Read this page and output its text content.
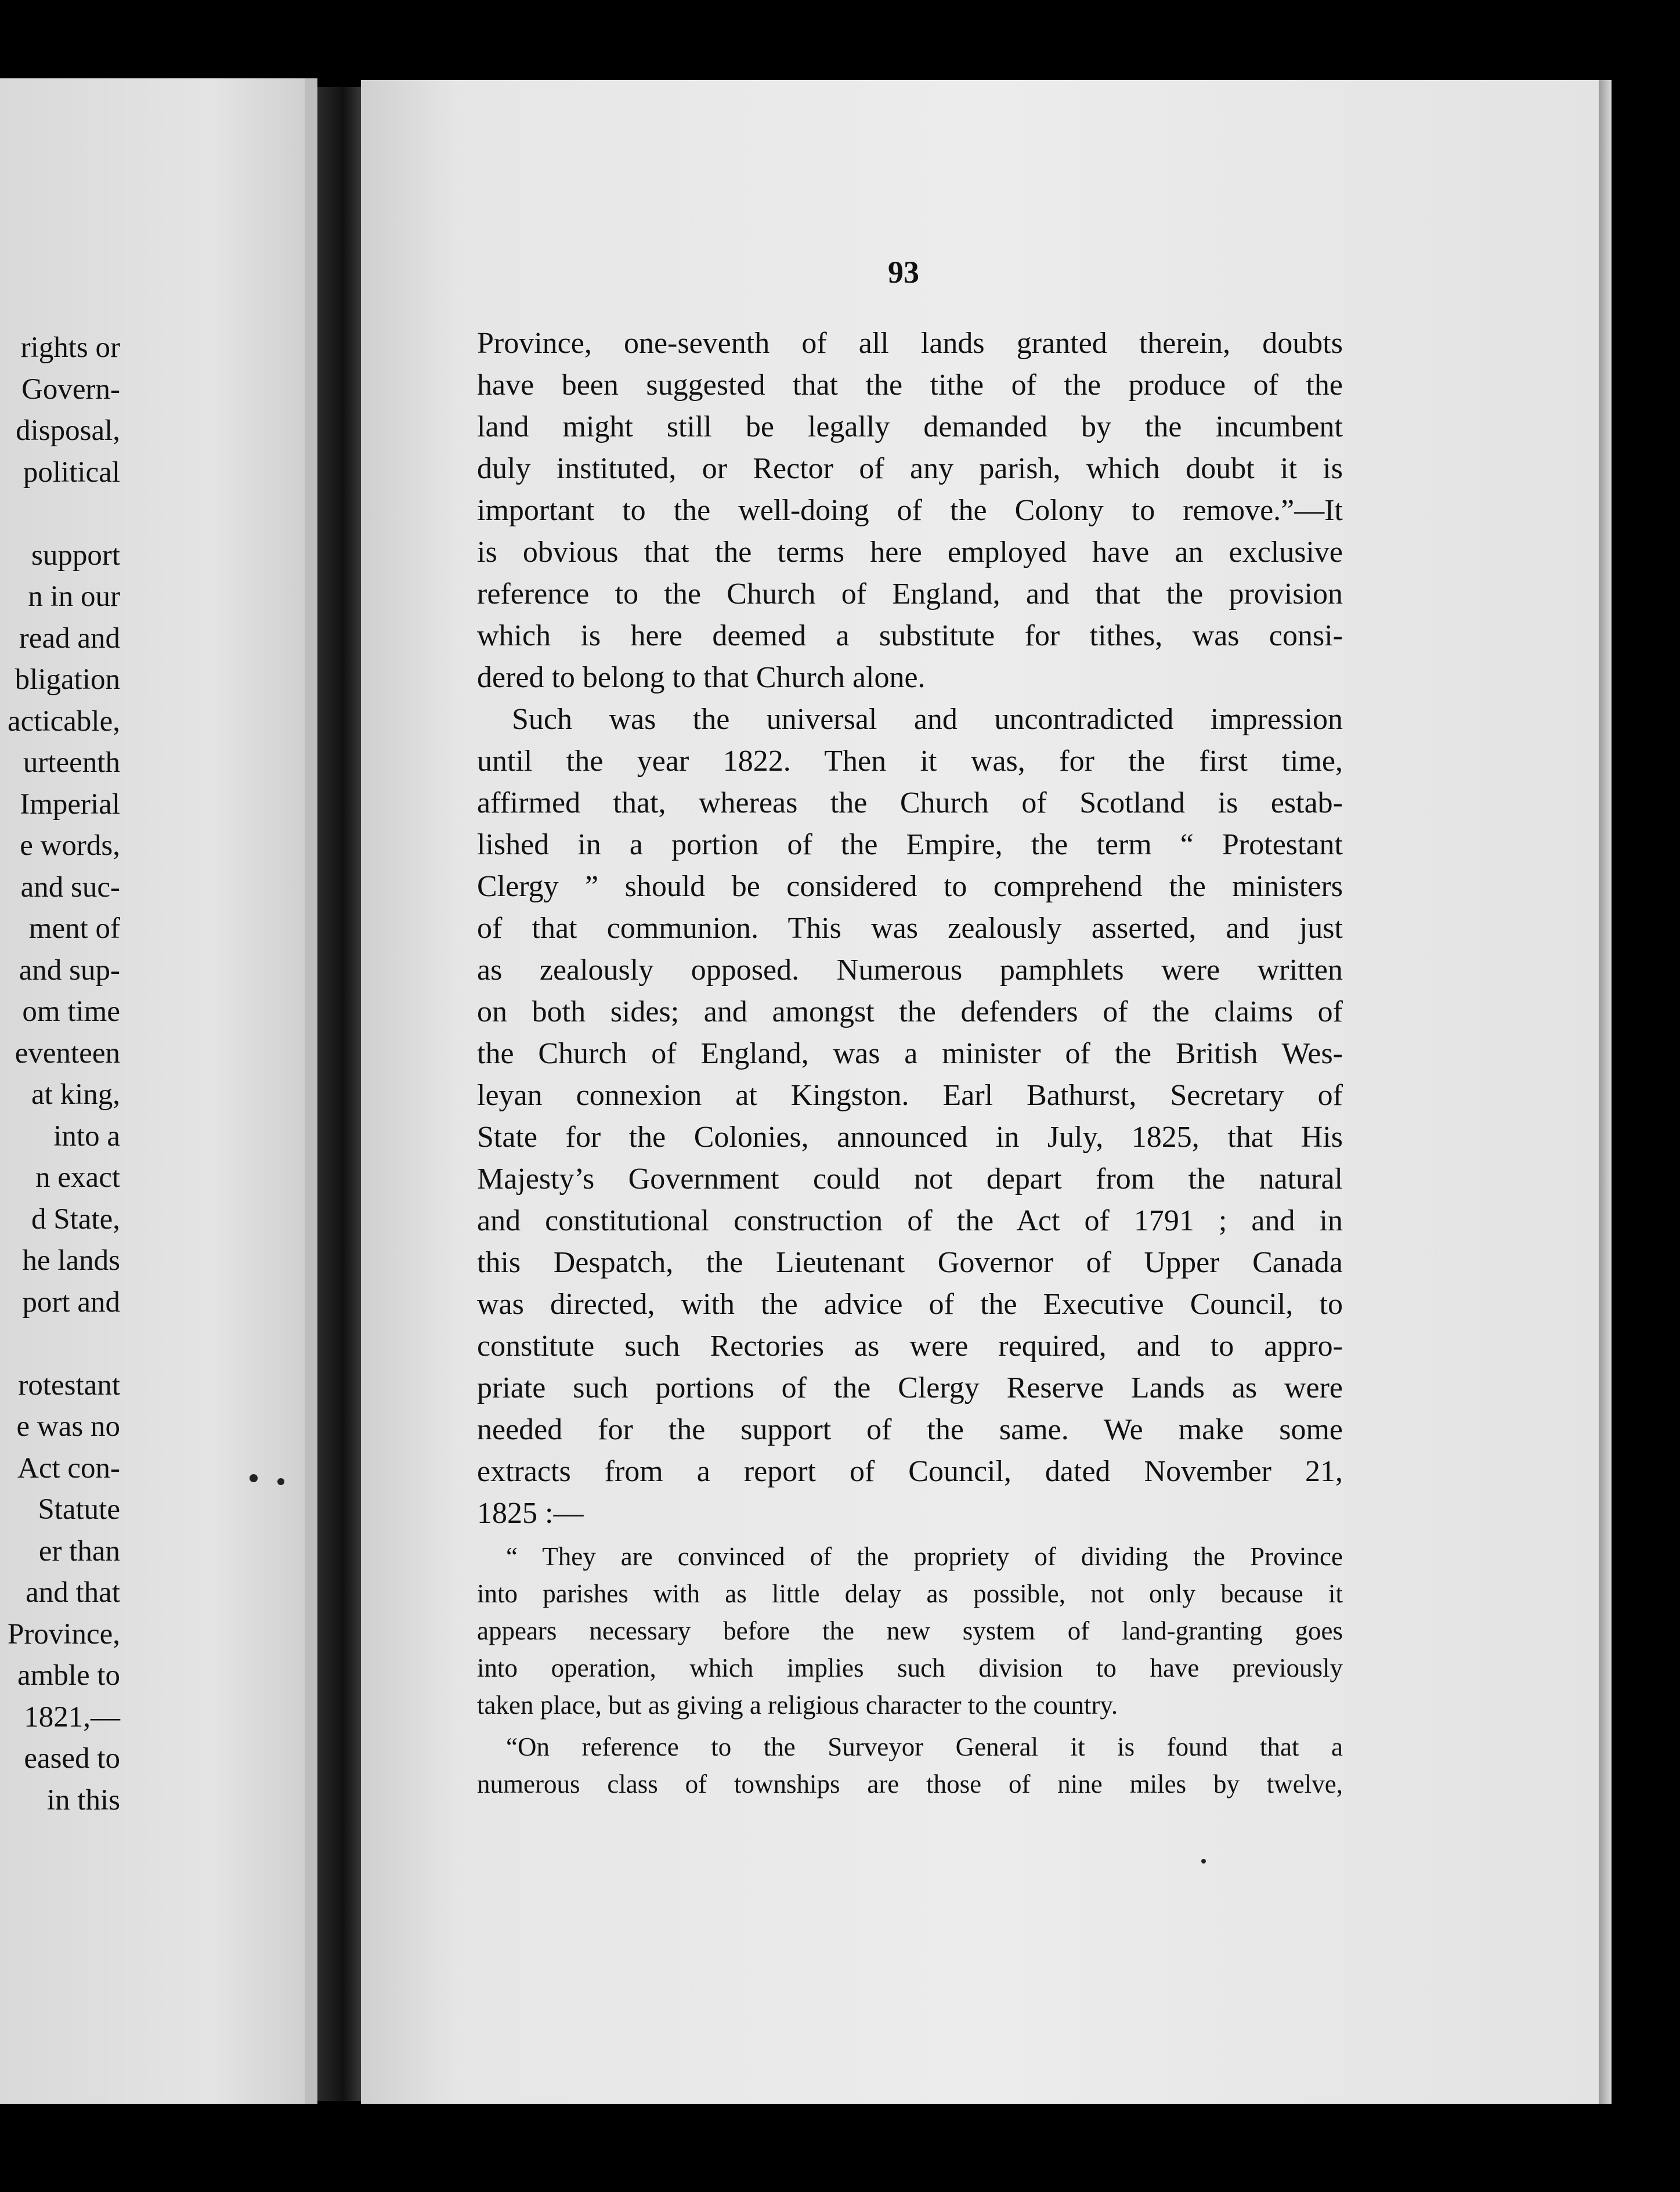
rights or
Govern-
disposal,
political
support
n in our
read and
bligation
acticable,
urteenth
Imperial
e words,
and suc-
ment of
and sup-
om time
eventeen
at king,
into a
n exact
d State,
he lands
port and
rotestant
e was no
Act con-
Statute
er than
and that
Province,
amble to
1821,—
eased to
in this
93
Province, one-seventh of all lands granted therein, doubts
have been suggested that the tithe of the produce of the
land might still be legally demanded by the incumbent
duly instituted, or Rector of any parish, which doubt it is
important to the well-doing of the Colony to remove.”—It
is obvious that the terms here employed have an exclusive
reference to the Church of England, and that the provision
which is here deemed a substitute for tithes, was consi-
dered to belong to that Church alone.
Such was the universal and uncontradicted impression
until the year 1822. Then it was, for the first time,
affirmed that, whereas the Church of Scotland is estab-
lished in a portion of the Empire, the term “ Protestant
Clergy ” should be considered to comprehend the ministers
of that communion. This was zealously asserted, and just
as zealously opposed. Numerous pamphlets were written
on both sides; and amongst the defenders of the claims of
the Church of England, was a minister of the British Wes-
leyan connexion at Kingston. Earl Bathurst, Secretary of
State for the Colonies, announced in July, 1825, that His
Majesty’s Government could not depart from the natural
and constitutional construction of the Act of 1791 ; and in
this Despatch, the Lieutenant Governor of Upper Canada
was directed, with the advice of the Executive Council, to
constitute such Rectories as were required, and to appro-
priate such portions of the Clergy Reserve Lands as were
needed for the support of the same. We make some
extracts from a report of Council, dated November 21,
1825 :—
“ They are convinced of the propriety of dividing the Province
into parishes with as little delay as possible, not only because it
appears necessary before the new system of land-granting goes
into operation, which implies such division to have previously
taken place, but as giving a religious character to the country.
“On reference to the Surveyor General it is found that a
numerous class of townships are those of nine miles by twelve,
